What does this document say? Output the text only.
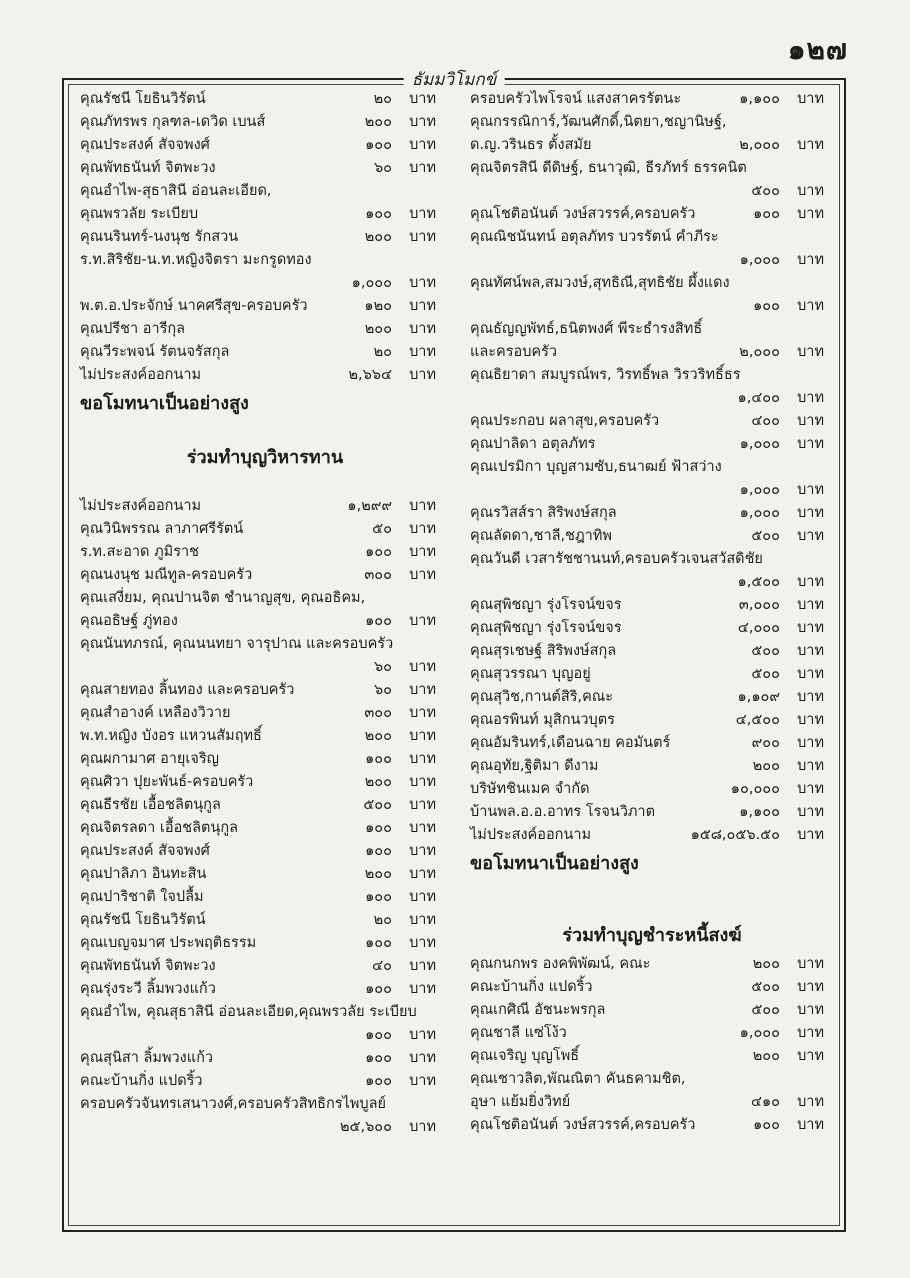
๑๒๗
ธัมมวิโมกข์
คุณรัชนี โยธินวิรัตน์	๒๐ บาท
คุณภัทรพร กุลฑล-เดวิด เบนส์	๒๐๐ บาท
คุณประสงค์ สัจจพงศ์	๑๐๐ บาท
คุณพัทธนันท์ จิตพะวง	๖๐ บาท
คุณอำไพ-สุธาสินี อ่อนละเอียด,
คุณพรวลัย ระเบียบ	๑๐๐ บาท
คุณนรินทร์-นงนุช รักสวน	๒๐๐ บาท
ร.ท.สิริชัย-น.ท.หญิงจิตรา มะกรูดทอง
๑,๐๐๐ บาท
พ.ต.อ.ประจักษ์ นาคศรีสุข-ครอบครัว	๑๒๐ บาท
คุณปรีชา อารีกุล	๒๐๐ บาท
คุณวีระพจน์ รัตนจรัสกุล	๒๐ บาท
ไม่ประสงค์ออกนาม	๒,๖๖๔ บาท
ขอโมทนาเป็นอย่างสูง
ร่วมทำบุญวิหารทาน
ไม่ประสงค์ออกนาม	๑,๒๙๙ บาท
คุณวินิพรรณ ลาภาศรีรัตน์	๕๐ บาท
ร.ท.สะอาด ภูมิราช	๑๐๐ บาท
คุณนงนุช มณีทูล-ครอบครัว	๓๐๐ บาท
คุณเสงี่ยม, คุณปานจิต ชำนาญสุข, คุณอธิคม,
คุณอธิษฐ์ ภู่ทอง	๑๐๐ บาท
คุณนันทภรณ์, คุณนนทยา จารุปาณ และครอบครัว
๖๐ บาท
คุณสายทอง ลิ้นทอง และครอบครัว	๖๐ บาท
คุณสำอางค์ เหลืองวิวาย	๓๐๐ บาท
พ.ท.หญิง บังอร แหวนสัมฤทธิ์	๒๐๐ บาท
คุณผกามาศ อายุเจริญ	๑๐๐ บาท
คุณศิวา ปุยะพันธ์-ครอบครัว	๒๐๐ บาท
คุณธีรชัย เอื้อชลิตนุกูล	๕๐๐ บาท
คุณจิตรลดา เอื้อชลิตนุกูล	๑๐๐ บาท
คุณประสงค์ สัจจพงศ์	๑๐๐ บาท
คุณปาลิภา อินทะสิน	๒๐๐ บาท
คุณปาริชาติ ใจปลื้ม	๑๐๐ บาท
คุณรัชนี โยธินวิรัตน์	๒๐ บาท
คุณเบญจมาศ ประพฤติธรรม	๑๐๐ บาท
คุณพัทธนันท์ จิตพะวง	๔๐ บาท
คุณรุ่งระวี ลิ้มพวงแก้ว	๑๐๐ บาท
คุณอำไพ, คุณสุธาสินี อ่อนละเอียด,คุณพรวลัย ระเบียบ
๑๐๐ บาท
คุณสุนิสา ลิ้มพวงแก้ว	๑๐๐ บาท
คณะบ้านกิ่ง แปดริ้ว	๑๐๐ บาท
ครอบครัวจันทรเสนาวงศ์,ครอบครัวสิทธิกรไพบูลย์
๒๕,๖๐๐ บาท
ครอบครัวไพโรจน์ แสงสาครรัตนะ	๑,๑๐๐ บาท
คุณกรรณิการ์,วัฒนศักดิ์,นิตยา,ชญานิษฐ์,
ด.ญ.วรินธร ตั้งสมัย	๒,๐๐๐ บาท
คุณจิตรสินี ดีดิษฐ์, ธนาวุฒิ, ธีรภัทร์ ธรรคนิต
๕๐๐ บาท
คุณโชติอนันต์ วงษ์สวรรค์,ครอบครัว	๑๐๐ บาท
คุณณิชนันทน์ อตุลภัทร บวรรัตน์ คำภีระ
๑,๐๐๐ บาท
คุณทัศน์พล,สมวงษ์,สุทธิณี,สุทธิชัย ผึ้งแดง
๑๐๐ บาท
คุณธัญญพัทธ์,ธนิตพงศ์ พีระธำรงสิทธิ์
และครอบครัว	๒,๐๐๐ บาท
คุณธิยาดา สมบูรณ์พร, วิรทธิ์พล วิรวริทธิ์ธร
๑,๔๐๐ บาท
คุณประกอบ ผลาสุข,ครอบครัว	๔๐๐ บาท
คุณปาลิดา อตุลภัทร	๑,๐๐๐ บาท
คุณเปรมิกา บุญสามซับ,ธนาฒย์ ฟ้าสว่าง
๑,๐๐๐ บาท
คุณรวิสส์รา สิริพงษ์สกุล	๑,๐๐๐ บาท
คุณลัดดา,ชาลี,ชฎาทิพ	๕๐๐ บาท
คุณวันดี เวสารัชชานนท์,ครอบครัวเจนสวัสดิชัย
๑,๕๐๐ บาท
คุณสุพิชญา รุ่งโรจน์ขจร	๓,๐๐๐ บาท
คุณสุพิชญา รุ่งโรจน์ขจร	๔,๐๐๐ บาท
คุณสุรเชษฐ์ สิริพงษ์สกุล	๕๐๐ บาท
คุณสุวรรณา บุญอยู่	๕๐๐ บาท
คุณสุวิช,กานต์สิริ,คณะ	๑,๑๐๙ บาท
คุณอรพินท์ มุสิกนวบุตร	๔,๕๐๐ บาท
คุณอัมรินทร์,เดือนฉาย คอมันตร์	๙๐๐ บาท
คุณอุทัย,ฐิติมา ดีงาม	๒๐๐ บาท
บริษัทชินเมค จำกัด	๑๐,๐๐๐ บาท
บ้านพล.อ.อ.อาทร โรจนวิภาต	๑,๑๐๐ บาท
ไม่ประสงค์ออกนาม	๑๕๘,๐๕๖.๕๐ บาท
ขอโมทนาเป็นอย่างสูง
ร่วมทำบุญชำระหนี้สงฆ์
คุณกนกพร องคพิพัฒน์, คณะ	๒๐๐ บาท
คณะบ้านกิ่ง แปดริ้ว	๕๐๐ บาท
คุณเกศิณี อัชนะพรกุล	๕๐๐ บาท
คุณชาลี แซ่โง้ว	๑,๐๐๐ บาท
คุณเจริญ บุญโพธิ์	๒๐๐ บาท
คุณเชาวลิต,พัณณิตา คันธคามชิต,
อุษา แย้มยิ่งวิทย์	๔๑๐ บาท
คุณโชติอนันต์ วงษ์สวรรค์,ครอบครัว	๑๐๐ บาท
